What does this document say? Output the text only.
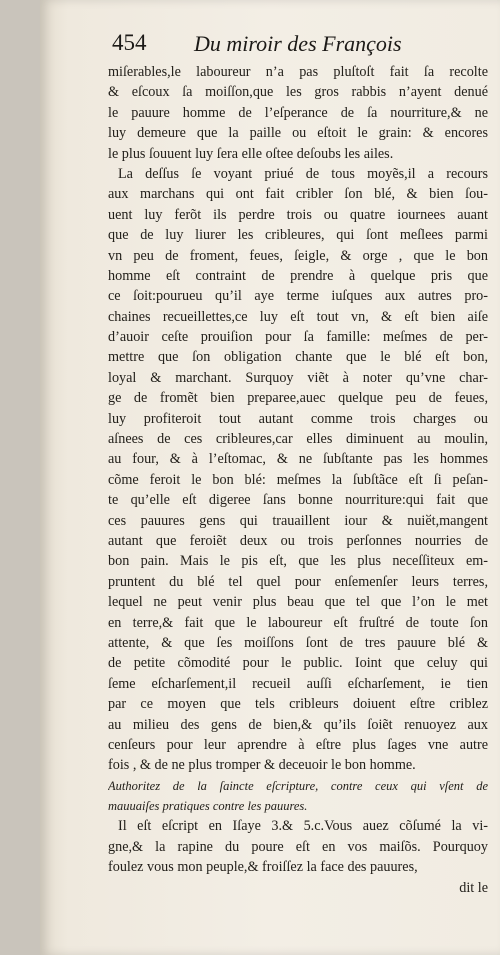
454 Du miroir des François
miſerables,le laboureur n’a pas pluſtoſt fait ſa recolte
& eſcoux ſa moiſſon,que les gros rabbis n’ayent denué
le pauure homme de l’eſperance de ſa nourriture,& ne
luy demeure que la paille ou eſtoit le grain: & encores
le plus ſouuent luy ſera elle oſtee deſoubs les ailes.
La deſſus ſe voyant priué de tous moyẽs,il a recours
aux marchans qui ont fait cribler ſon blé, & bien ſou-
uent luy ferõt ils perdre trois ou quatre iournees auant
que de luy liurer les cribleures, qui ſont meſlees parmi
vn peu de froment, feues, ſeigle, & orge , que le bon
homme eſt contraint de prendre à quelque pris que
ce ſoit:pourueu qu’il aye terme iuſques aux autres pro-
chaines recueillettes,ce luy eſt tout vn, & eſt bien aiſe
d’auoir ceſte prouiſion pour ſa famille: meſmes de per-
mettre que ſon obligation chante que le blé eſt bon,
loyal & marchant. Surquoy viẽt à noter qu’vne char-
ge de fromẽt bien preparee,auec quelque peu de feues,
luy profiteroit tout autant comme trois charges ou
aſnees de ces cribleures,car elles diminuent au moulin,
au four, & à l’eſtomac, & ne ſubſtante pas les hommes
cõme feroit le bon blé: meſmes la ſubſtãce eſt ſi peſan-
te qu’elle eſt digeree ſans bonne nourriture:qui fait que
ces pauures gens qui trauaillent iour & nuiӗt,mangent
autant que feroiẽt deux ou trois perſonnes nourries de
bon pain. Mais le pis eſt, que les plus neceſſiteux em-
pruntent du blé tel quel pour enſemenſer leurs terres,
lequel ne peut venir plus beau que tel que l’on le met
en terre,& fait que le laboureur eſt fruſtré de toute ſon
attente, & que ſes moiſſons ſont de tres pauure blé &
de petite cõmodité pour le public. Ioint que celuy qui
ſeme eſcharſement,il recueil auſſi eſcharſement, ie tien
par ce moyen que tels cribleurs doiuent eſtre criblez
au milieu des gens de bien,& qu’ils ſoiẽt renuoyez aux
cenſeurs pour leur aprendre à eſtre plus ſages vne autre
fois , & de ne plus tromper & deceuoir le bon homme.
Authoritez de la ſaincte eſcripture, contre ceux qui vſent de
mauuaiſes pratiques contre les pauures.
Il eſt eſcript en Iſaye 3.& 5.c.Vous auez cõſumé la vi-
gne,& la rapine du poure eſt en vos maiſõs. Pourquoy
foulez vous mon peuple,& froiſſez la face des pauures,
dit le
